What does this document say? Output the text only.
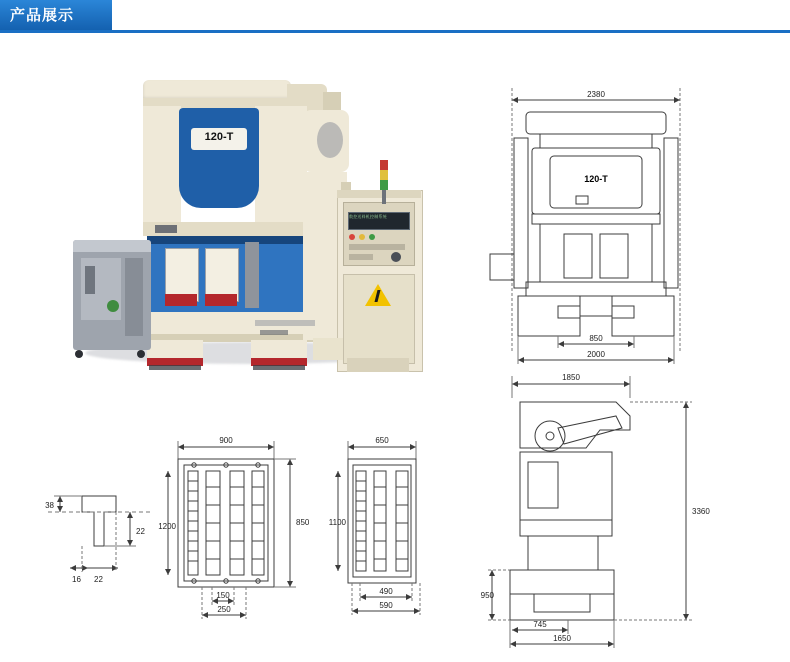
产品展示
120-T
数控送料机控制系统
2380
120-T
850
2000
1850
3360
950
745
1650
38
22
16 22
900
850
1200
150
250
650
1100
490
590
